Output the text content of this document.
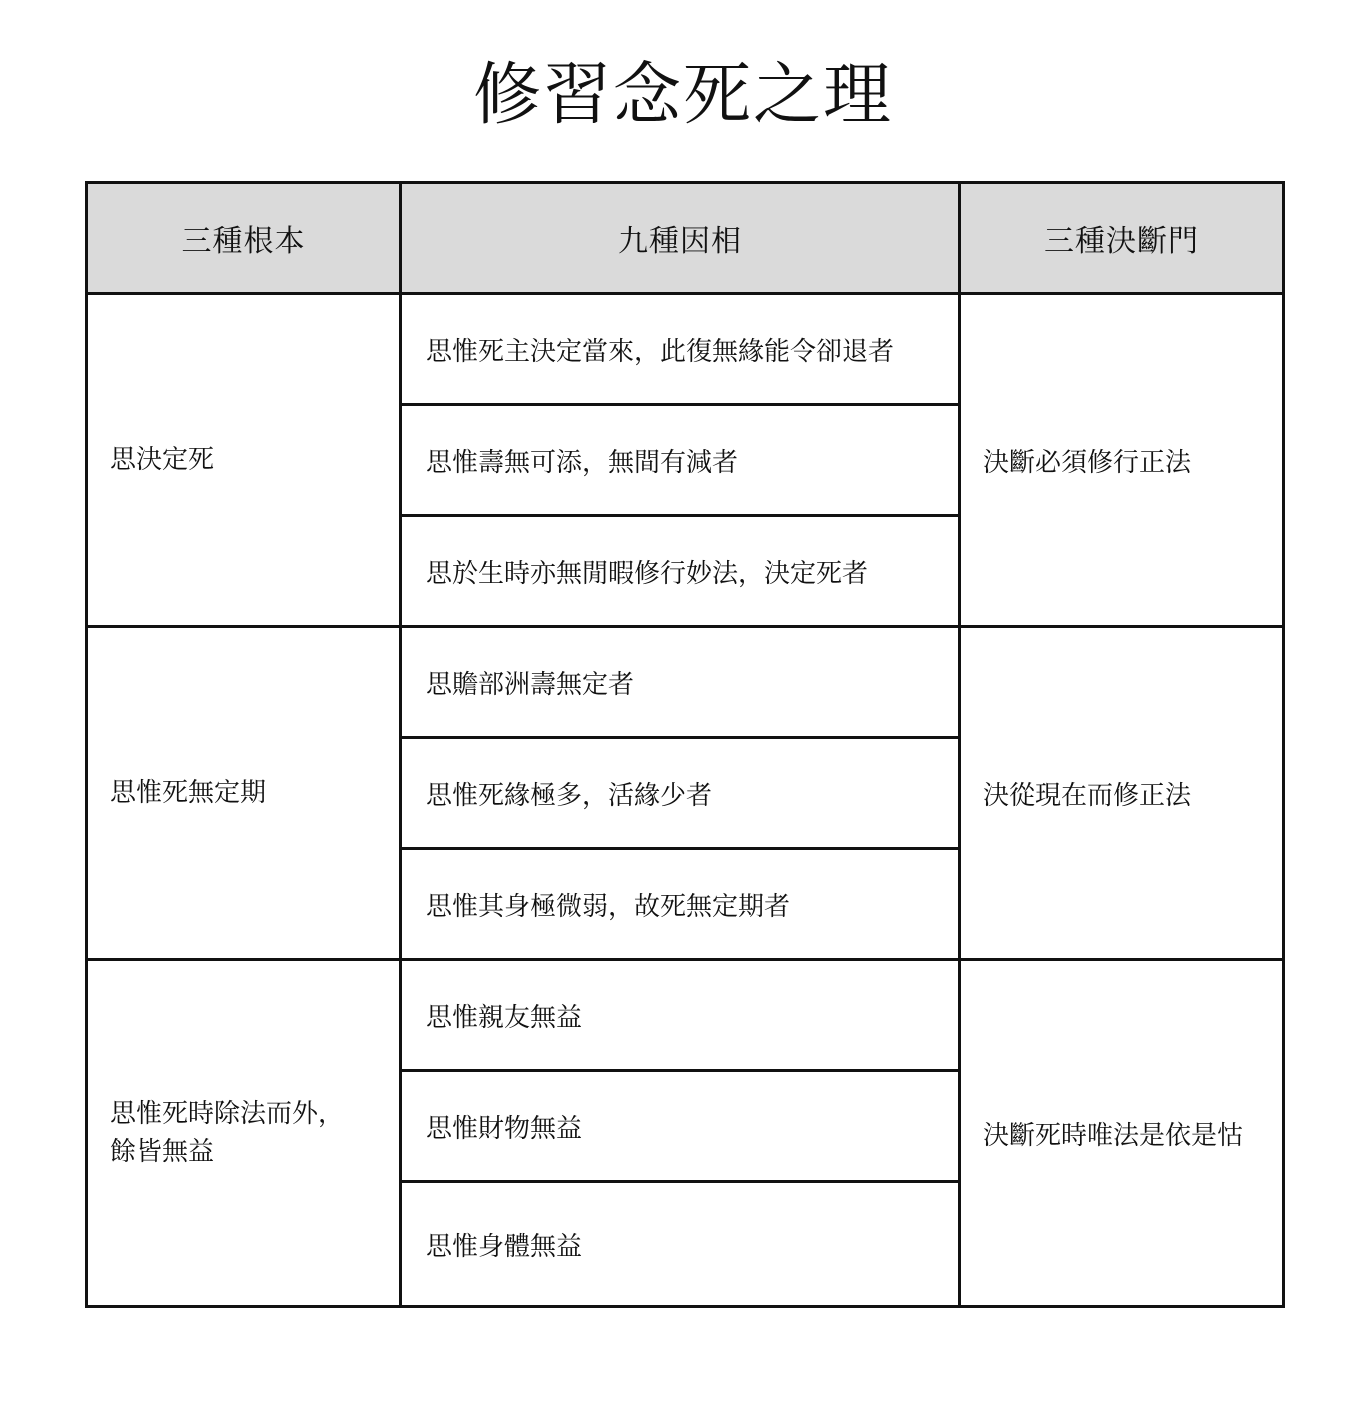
修習念死之理
三種根本	九種因相	三種決斷門
思決定死	思惟死主決定當來，此復無緣能令卻退者	決斷必須修行正法
	思惟壽無可添，無間有減者	
	思於生時亦無閒暇修行妙法，決定死者	
思惟死無定期	思贍部洲壽無定者	決從現在而修正法
	思惟死緣極多，活緣少者	
	思惟其身極微弱，故死無定期者	
思惟死時除法而外，
餘皆無益	思惟親友無益	決斷死時唯法是依是怙
	思惟財物無益	
	思惟身體無益	
